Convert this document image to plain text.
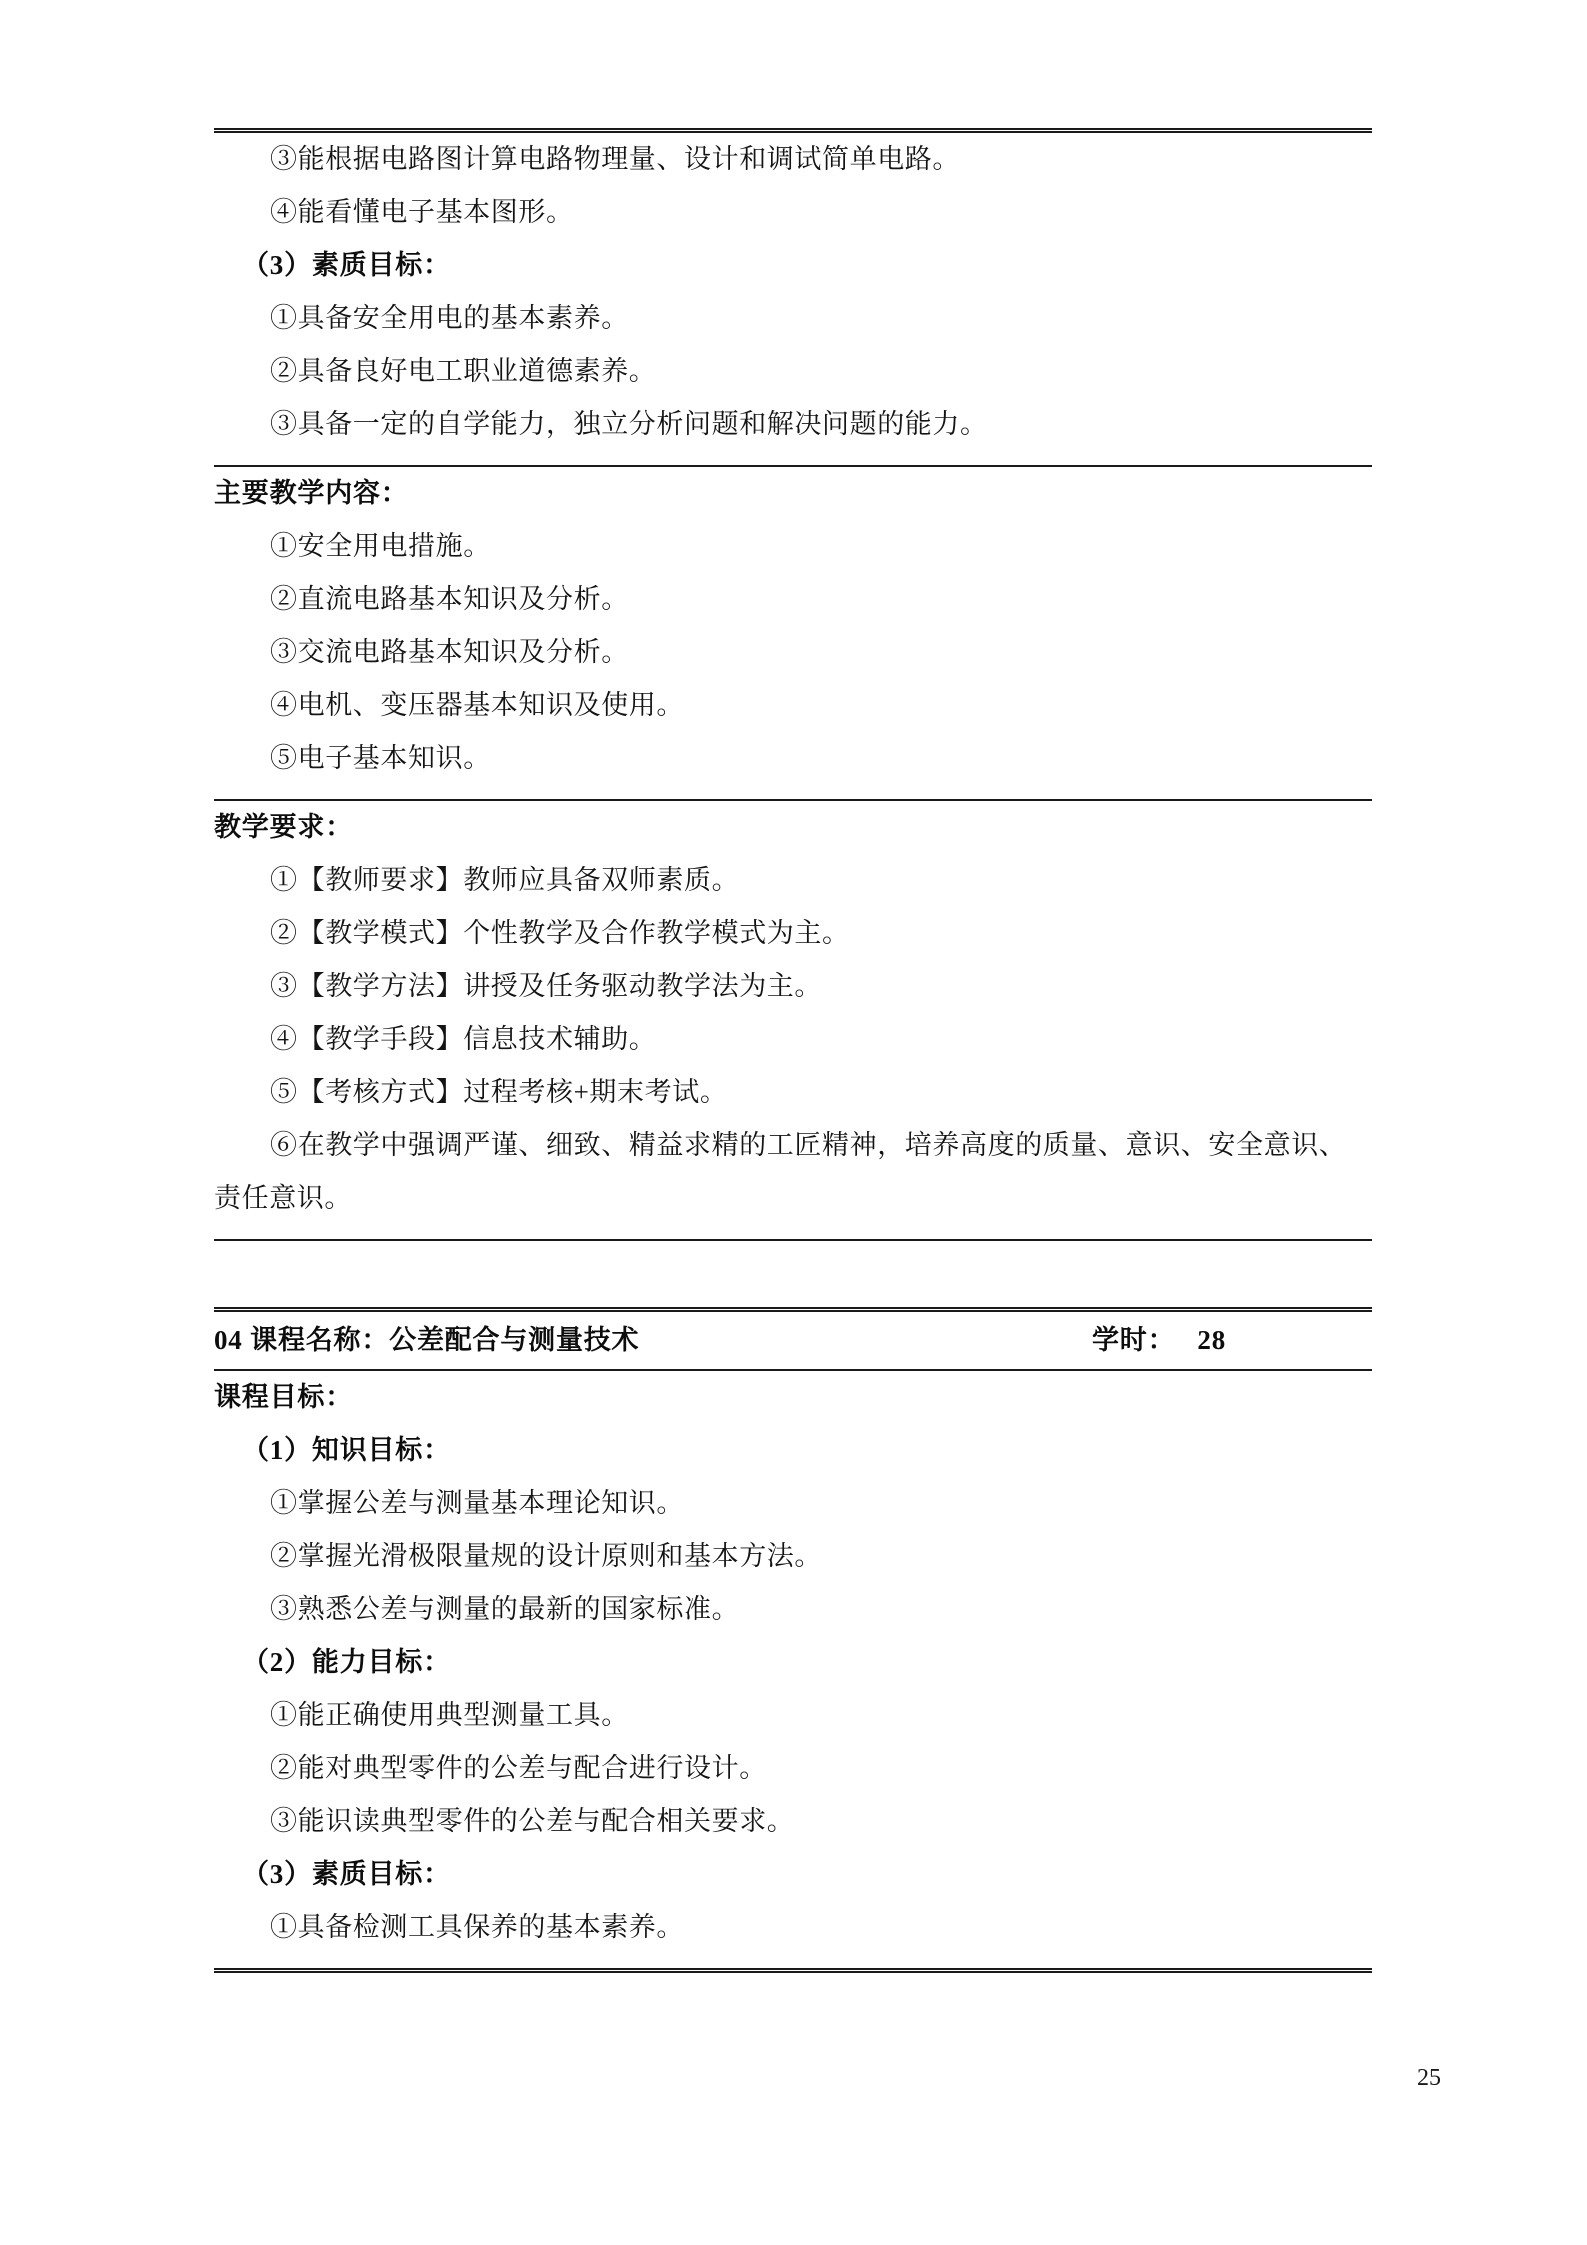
③能根据电路图计算电路物理量、设计和调试简单电路。

④能看懂电子基本图形。

（3）素质目标：

①具备安全用电的基本素养。

②具备良好电工职业道德素养。

③具备一定的自学能力，独立分析问题和解决问题的能力。

主要教学内容：

①安全用电措施。

②直流电路基本知识及分析。

③交流电路基本知识及分析。

④电机、变压器基本知识及使用。

⑤电子基本知识。

教学要求：

①【教师要求】教师应具备双师素质。

②【教学模式】个性教学及合作教学模式为主。

③【教学方法】讲授及任务驱动教学法为主。

④【教学手段】信息技术辅助。

⑤【考核方式】过程考核+期末考试。

⑥在教学中强调严谨、细致、精益求精的工匠精神，培养高度的质量、意识、安全意识、责任意识。

04 课程名称：公差配合与测量技术	学时： 28

课程目标：

（1）知识目标：

①掌握公差与测量基本理论知识。

②掌握光滑极限量规的设计原则和基本方法。

③熟悉公差与测量的最新的国家标准。

（2）能力目标：

①能正确使用典型测量工具。

②能对典型零件的公差与配合进行设计。

③能识读典型零件的公差与配合相关要求。

（3）素质目标：

①具备检测工具保养的基本素养。

25
